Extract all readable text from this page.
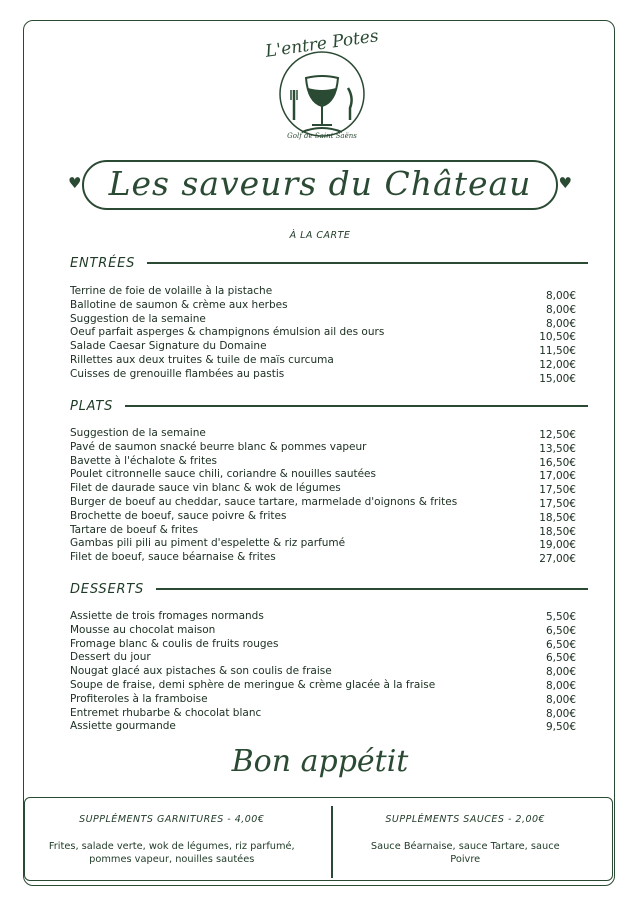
L'entre Potes
Golf de Saint Saëns
♥	♥
Les saveurs du Château
À LA CARTE
ENTRÉES
Terrine de foie de volaille à la pistache
Ballotine de saumon & crème aux herbes
Suggestion de la semaine
Oeuf parfait asperges & champignons émulsion ail des ours
Salade Caesar Signature du Domaine
Rillettes aux deux truites & tuile de maïs curcuma
Cuisses de grenouille flambées au pastis
8,00€
8,00€
8,00€
10,50€
11,50€
12,00€
15,00€
PLATS
Suggestion de la semaine
Pavé de saumon snacké beurre blanc & pommes vapeur
Bavette à l'échalote & frites
Poulet citronnelle sauce chili, coriandre & nouilles sautées
Filet de daurade sauce vin blanc & wok de légumes
Burger de boeuf au cheddar, sauce tartare, marmelade d'oignons & frites
Brochette de boeuf, sauce poivre & frites
Tartare de boeuf & frites
Gambas pili pili au piment d'espelette & riz parfumé
Filet de boeuf, sauce béarnaise & frites
12,50€
13,50€
16,50€
17,00€
17,50€
17,50€
18,50€
18,50€
19,00€
27,00€
DESSERTS
Assiette de trois fromages normands
Mousse au chocolat maison
Fromage blanc & coulis de fruits rouges
Dessert du jour
Nougat glacé aux pistaches & son coulis de fraise
Soupe de fraise, demi sphère de meringue & crème glacée à la fraise
Profiteroles à la framboise
Entremet rhubarbe & chocolat blanc
Assiette gourmande
5,50€
6,50€
6,50€
6,50€
8,00€
8,00€
8,00€
8,00€
9,50€
Bon appétit
SUPPLÉMENTS GARNITURES - 4,00€
Frites, salade verte, wok de légumes, riz parfumé, pommes vapeur, nouilles sautées
SUPPLÉMENTS SAUCES - 2,00€
Sauce Béarnaise, sauce Tartare, sauce Poivre
